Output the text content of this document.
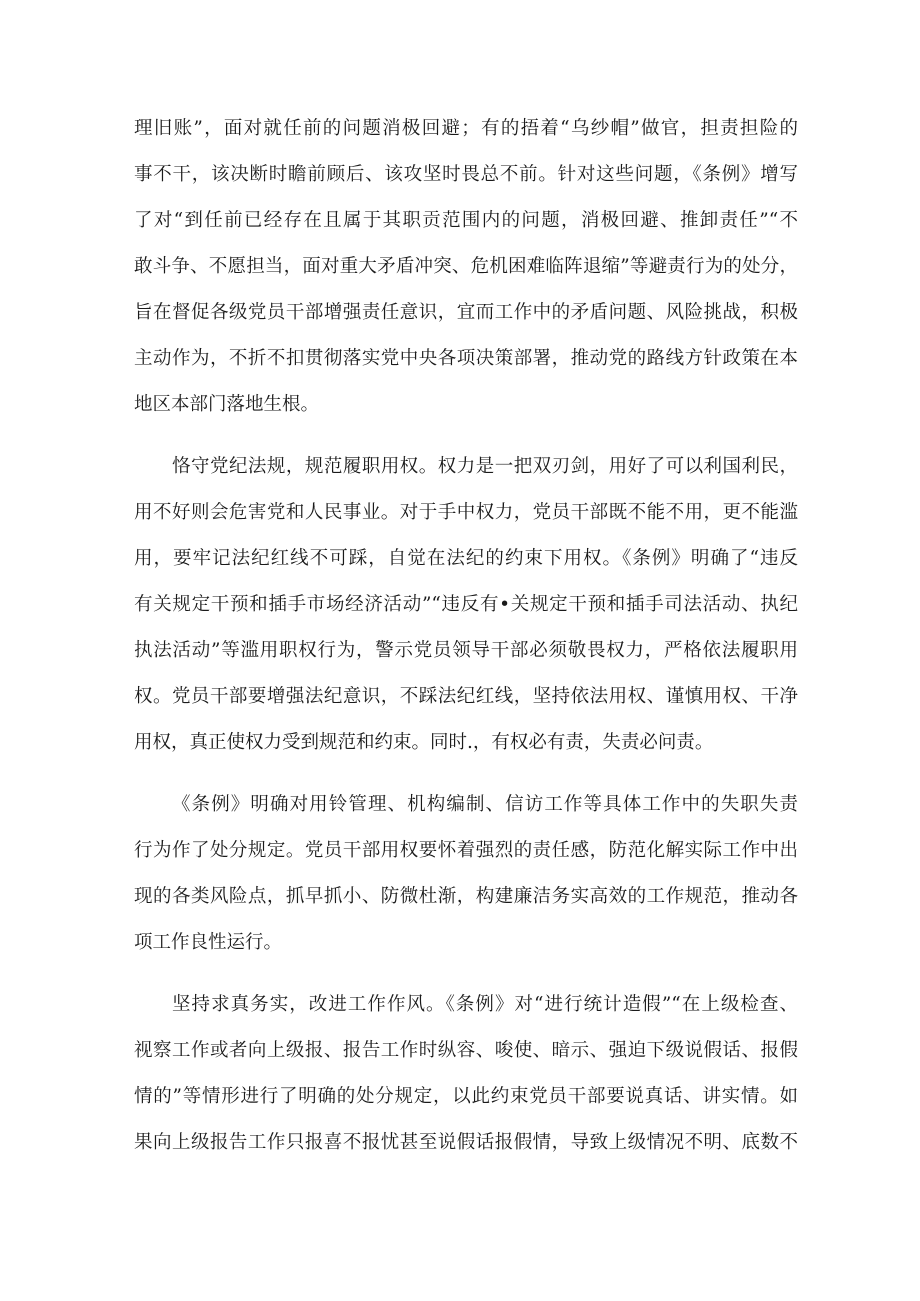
理旧账”，面对就任前的问题消极回避；有的捂着“乌纱帽”做官，担责担险的
事不干，该决断时瞻前顾后、该攻坚时畏总不前。针对这些问题，《条例》增写
了对“到任前已经存在且属于其职贡范围内的问题，消极回避、推卸责任”“不
敢斗争、不愿担当，面对重大矛盾冲突、危机困难临阵退缩”等避责行为的处分，
旨在督促各级党员干部增强责任意识，宜而工作中的矛盾问题、风险挑战，积极
主动作为，不折不扣贯彻落实党中央各项决策部署，推动党的路线方针政策在本
地区本部门落地生根。
恪守党纪法规，规范履职用权。权力是一把双刃剑，用好了可以利国利民，
用不好则会危害党和人民事业。对于手中权力，党员干部既不能不用，更不能滥
用，要牢记法纪红线不可踩，自觉在法纪的约束下用权。《条例》明确了“违反
有关规定干预和插手市场经济活动”“违反有•关规定干预和插手司法活动、执纪
执法活动”等滥用职权行为，警示党员领导干部必须敬畏权力，严格依法履职用
权。党员干部要增强法纪意识，不踩法纪红线，坚持依法用权、谨慎用权、干净
用权，真正使权力受到规范和约束。同时.，有权必有责，失责必问责。
《条例》明确对用铃管理、机构编制、信访工作等具体工作中的失职失责
行为作了处分规定。党员干部用权要怀着强烈的责任感，防范化解实际工作中出
现的各类风险点，抓早抓小、防微杜渐，构建廉洁务实高效的工作规范，推动各
项工作良性运行。
坚持求真务实，改进工作作风。《条例》对“进行统计造假”“在上级检查、
视察工作或者向上级报、报告工作时纵容、唆使、暗示、强迫下级说假话、报假
情的”等情形进行了明确的处分规定，以此约束党员干部要说真话、讲实情。如
果向上级报告工作只报喜不报忧甚至说假话报假情，导致上级情况不明、底数不
